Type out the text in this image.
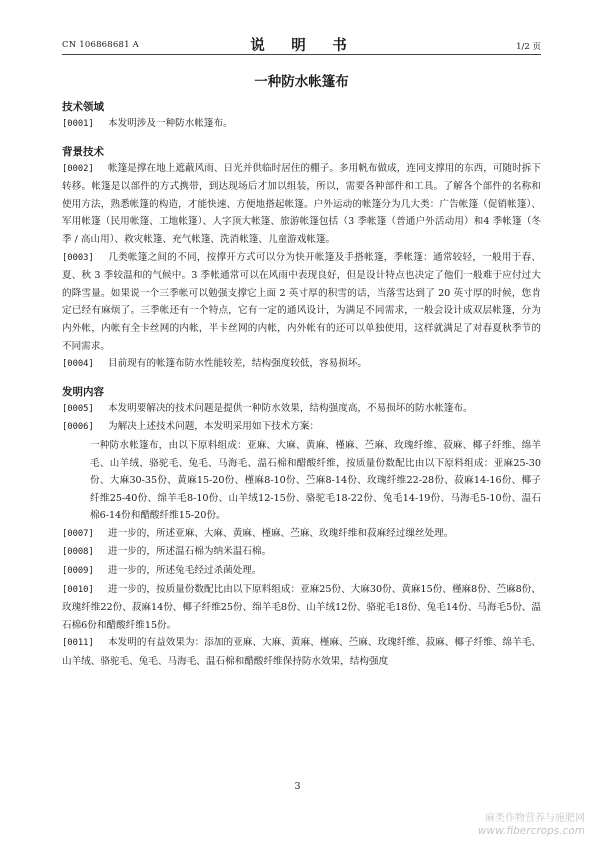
CN 106868681 A	说　明　书	1/2 页
一种防水帐篷布
技术领域

[0001] 本发明涉及一种防水帐篷布。

背景技术

[0002] 帐篷是撑在地上遮蔽风雨、日光并供临时居住的棚子。多用帆布做成，连同支撑用的东西，可随时拆下转移。帐篷是以部件的方式携带，到达现场后才加以组装，所以，需要各种部件和工具。了解各个部件的名称和使用方法，熟悉帐篷的构造，才能快速、方便地搭起帐篷。户外运动的帐篷分为几大类：广告帐篷（促销帐篷）、军用帐篷（民用帐篷、工地帐篷）、人字顶大帐篷、旅游帐篷包括（3 季帐篷（普通户外活动用）和4 季帐篷（冬季 / 高山用）、救灾帐篷、充气帐篷、洗消帐篷、儿童游戏帐篷。

[0003] 几类帐篷之间的不同，按撑开方式可以分为快开帐篷及手搭帐篷，季帐篷：通常较轻，一般用于春、夏、秋 3 季较温和的气候中。3 季帐通常可以在风雨中表现良好，但是设计特点也决定了他们一般难于应付过大的降雪量。如果说一个三季帐可以勉强支撑它上面 2 英寸厚的积雪的话，当落雪达到了 20 英寸厚的时候，您肯定已经有麻烦了。三季帐还有一个特点，它有一定的通风设计，为满足不同需求，一般会设计成双层帐篷，分为内外帐，内帐有全卡丝网的内帐，半卡丝网的内帐，内外帐有的还可以单独使用，这样就满足了对春夏秋季节的不同需求。

[0004] 目前现有的帐篷布防水性能较差，结构强度较低，容易损坏。

发明内容

[0005] 本发明要解决的技术问题是提供一种防水效果，结构强度高，不易损坏的防水帐篷布。

[0006] 为解决上述技术问题，本发明采用如下技术方案：

一种防水帐篷布，由以下原料组成：亚麻、大麻、黄麻、槿麻、苎麻、玫瑰纤维、菽麻、椰子纤维、绵羊毛、山羊绒、骆驼毛、兔毛、马海毛、温石棉和醋酸纤维，按质量份数配比由以下原料组成：亚麻25-30份、大麻30-35份、黄麻15-20份、槿麻8-10份、苎麻8-14份、玫瑰纤维22-28份、菽麻14-16份、椰子纤维25-40份、绵羊毛8-10份、山羊绒12-15份、骆驼毛18-22份、兔毛14-19份、马海毛5-10份、温石棉6-14份和醋酸纤维15-20份。

[0007] 进一步的，所述亚麻、大麻、黄麻、槿麻、苎麻、玫瑰纤维和菽麻经过缫丝处理。

[0008] 进一步的，所述温石棉为纳米温石棉。

[0009] 进一步的，所述兔毛经过杀菌处理。

[0010] 进一步的，按质量份数配比由以下原料组成：亚麻25份、大麻30份、黄麻15份、槿麻8份、苎麻8份、玫瑰纤维22份、菽麻14份、椰子纤维25份、绵羊毛8份、山羊绒12份、骆驼毛18份、兔毛14份、马海毛5份、温石棉6份和醋酸纤维15份。

[0011] 本发明的有益效果为：添加的亚麻、大麻、黄麻、槿麻、苎麻、玫瑰纤维、菽麻、椰子纤维、绵羊毛、山羊绒、骆驼毛、兔毛、马海毛、温石棉和醋酸纤维保持防水效果，结构强度

3
麻类作物营养与施肥网
www.fibercrops.com
